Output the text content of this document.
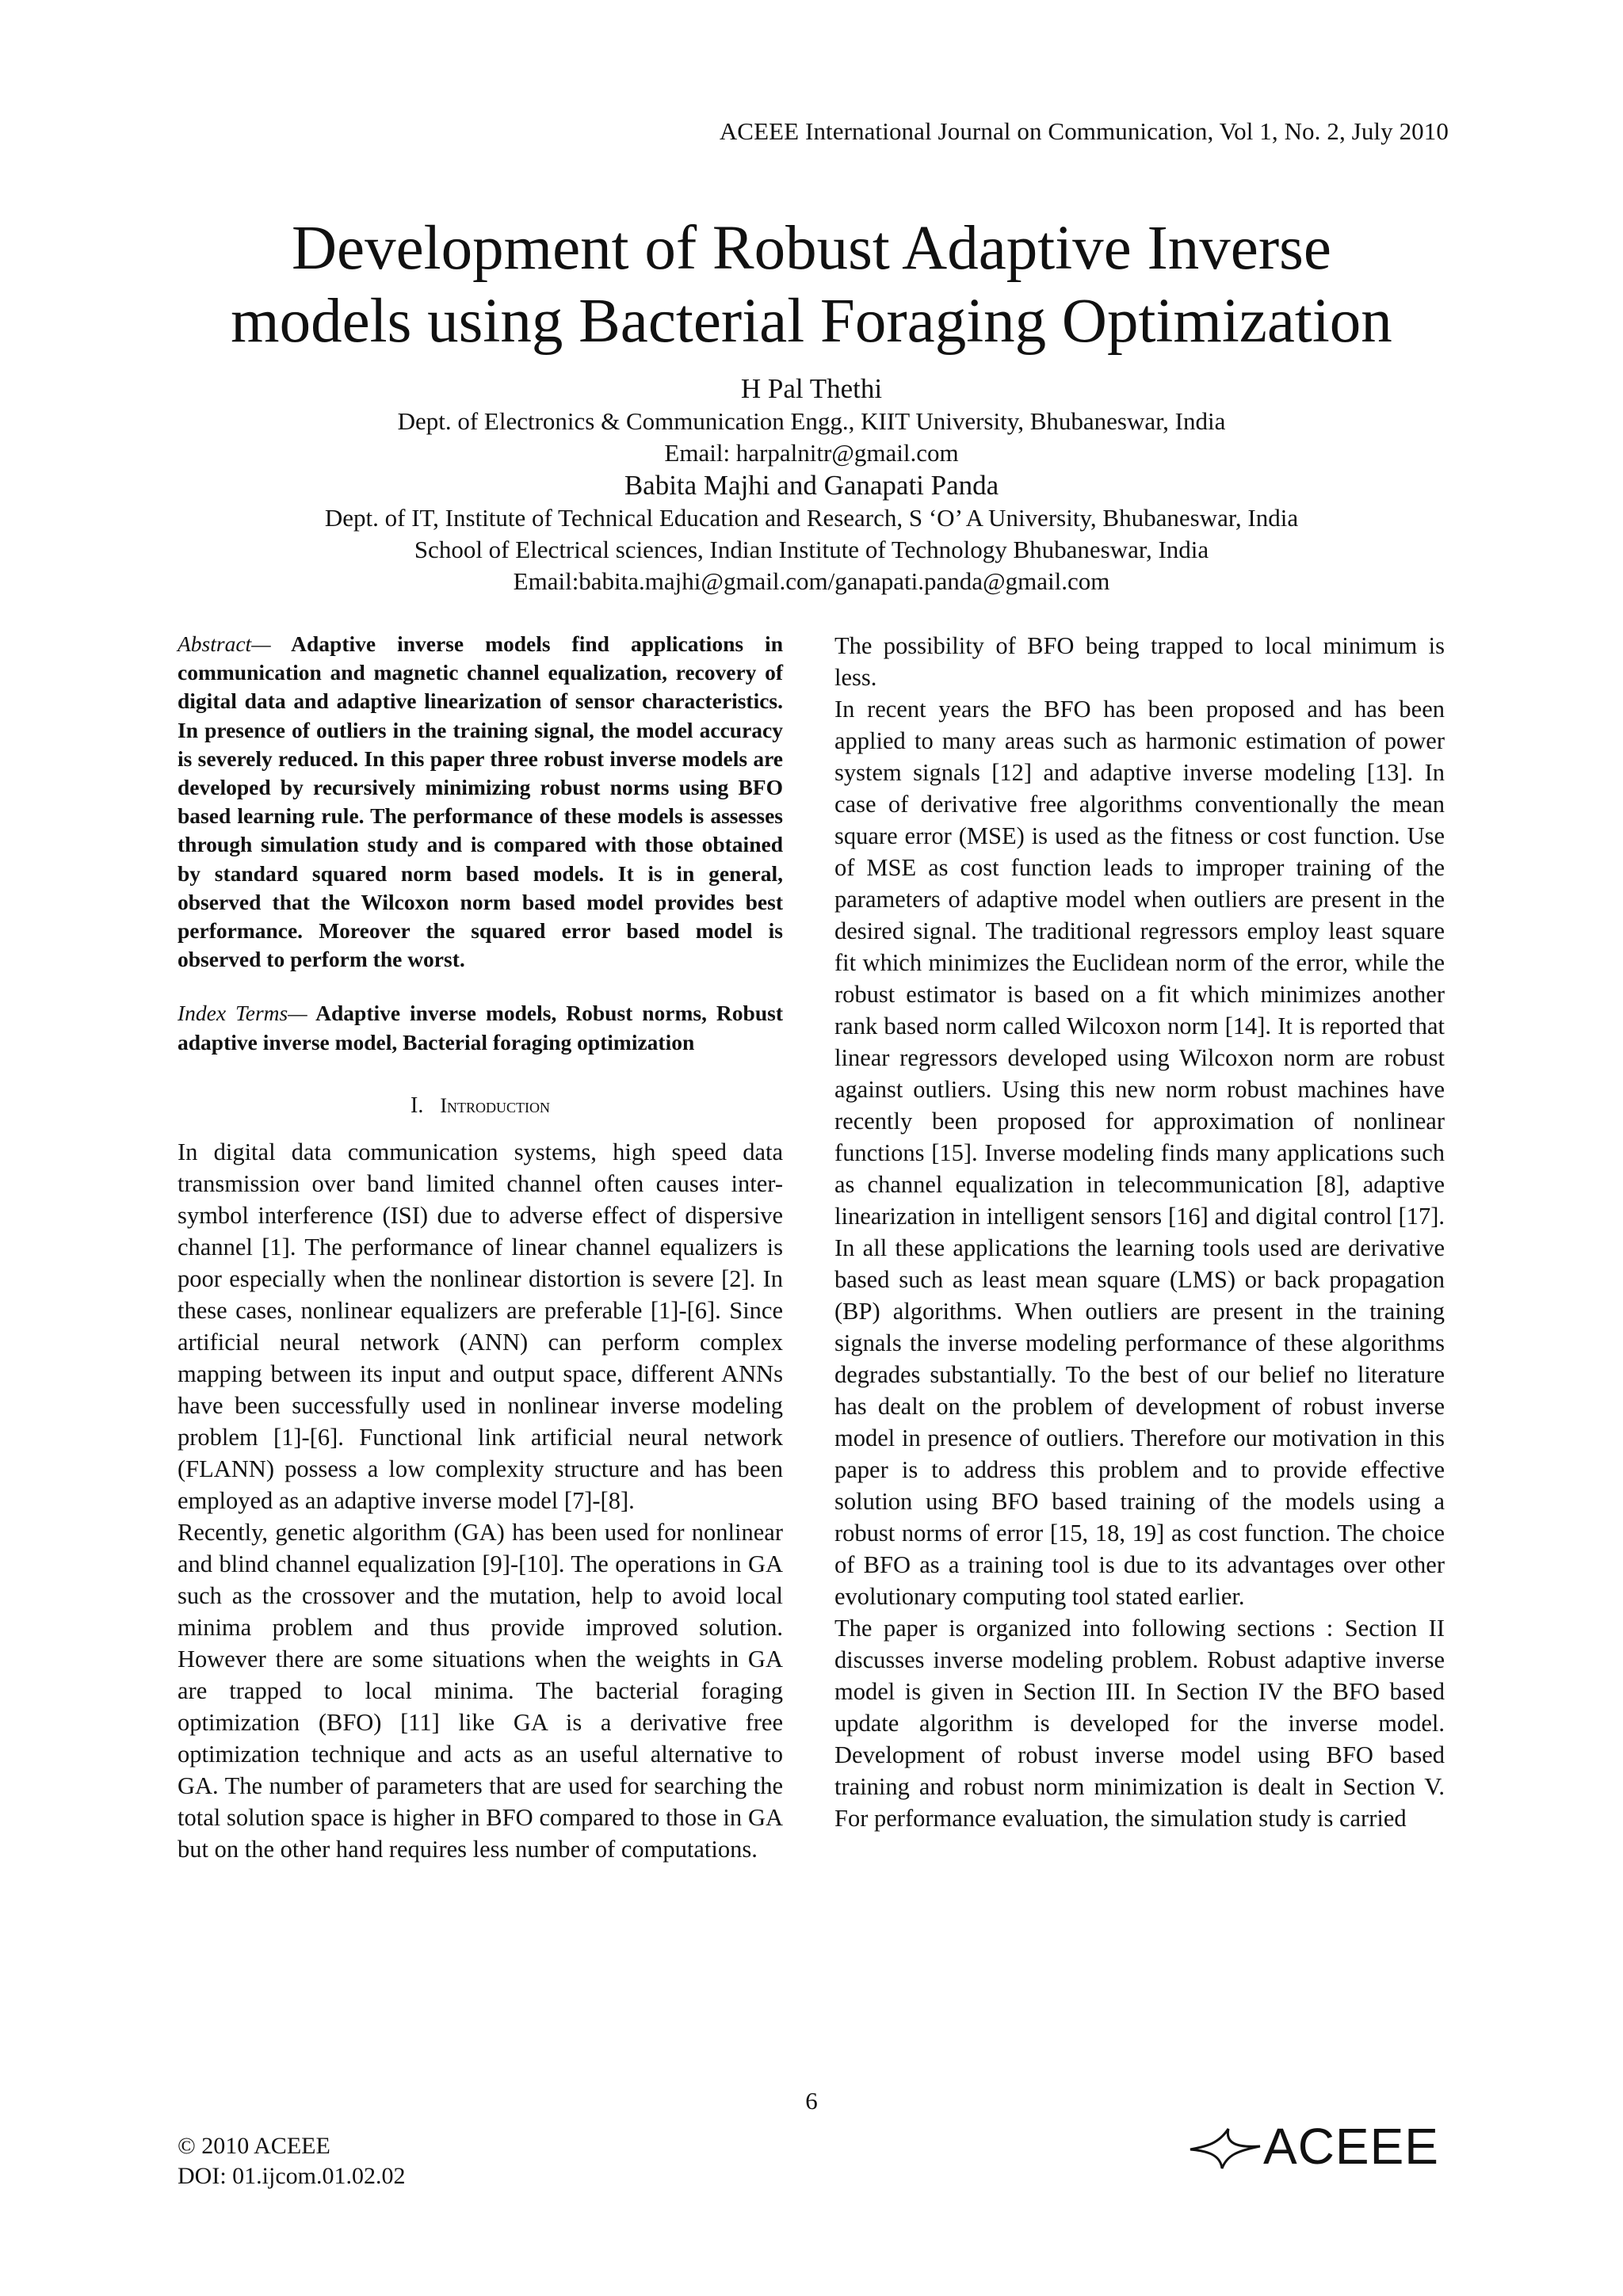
ACEEE International Journal on Communication, Vol 1, No. 2, July 2010
Development of Robust Adaptive Inverse
models using Bacterial Foraging Optimization
H Pal Thethi
Dept. of Electronics & Communication Engg., KIIT University, Bhubaneswar, India
Email: harpalnitr@gmail.com
Babita Majhi and Ganapati Panda
Dept. of IT, Institute of Technical Education and Research, S ‘O’ A University, Bhubaneswar, India
School of Electrical sciences, Indian Institute of Technology Bhubaneswar, India
Email:babita.majhi@gmail.com/ganapati.panda@gmail.com

Abstract— Adaptive inverse models find applications in communication and magnetic channel equalization, recovery of digital data and adaptive linearization of sensor characteristics. In presence of outliers in the training signal, the model accuracy is severely reduced. In this paper three robust inverse models are developed by recursively minimizing robust norms using BFO based learning rule. The performance of these models is assesses through simulation study and is compared with those obtained by standard squared norm based models. It is in general, observed that the Wilcoxon norm based model provides best performance. Moreover the squared error based model is observed to perform the worst.

Index Terms— Adaptive inverse models, Robust norms, Robust adaptive inverse model, Bacterial foraging optimization

I. Introduction

In digital data communication systems, high speed data transmission over band limited channel often causes inter-symbol interference (ISI) due to adverse effect of dispersive channel [1]. The performance of linear channel equalizers is poor especially when the nonlinear distortion is severe [2]. In these cases, nonlinear equalizers are preferable [1]-[6]. Since artificial neural network (ANN) can perform complex mapping between its input and output space, different ANNs have been successfully used in nonlinear inverse modeling problem [1]-[6]. Functional link artificial neural network (FLANN) possess a low complexity structure and has been employed as an adaptive inverse model [7]-[8].

Recently, genetic algorithm (GA) has been used for nonlinear and blind channel equalization [9]-[10]. The operations in GA such as the crossover and the mutation, help to avoid local minima problem and thus provide improved solution. However there are some situations when the weights in GA are trapped to local minima. The bacterial foraging optimization (BFO) [11] like GA is a derivative free optimization technique and acts as an useful alternative to GA. The number of parameters that are used for searching the total solution space is higher in BFO compared to those in GA but on the other hand requires less number of computations.

The possibility of BFO being trapped to local minimum is less.

In recent years the BFO has been proposed and has been applied to many areas such as harmonic estimation of power system signals [12] and adaptive inverse modeling [13]. In case of derivative free algorithms conventionally the mean square error (MSE) is used as the fitness or cost function. Use of MSE as cost function leads to improper training of the parameters of adaptive model when outliers are present in the desired signal. The traditional regressors employ least square fit which minimizes the Euclidean norm of the error, while the robust estimator is based on a fit which minimizes another rank based norm called Wilcoxon norm [14]. It is reported that linear regressors developed using Wilcoxon norm are robust against outliers. Using this new norm robust machines have recently been proposed for approximation of nonlinear functions [15]. Inverse modeling finds many applications such as channel equalization in telecommunication [8], adaptive linearization in intelligent sensors [16] and digital control [17]. In all these applications the learning tools used are derivative based such as least mean square (LMS) or back propagation (BP) algorithms. When outliers are present in the training signals the inverse modeling performance of these algorithms degrades substantially. To the best of our belief no literature has dealt on the problem of development of robust inverse model in presence of outliers. Therefore our motivation in this paper is to address this problem and to provide effective solution using BFO based training of the models using a robust norms of error [15, 18, 19] as cost function. The choice of BFO as a training tool is due to its advantages over other evolutionary computing tool stated earlier.

The paper is organized into following sections : Section II discusses inverse modeling problem. Robust adaptive inverse model is given in Section III. In Section IV the BFO based update algorithm is developed for the inverse model. Development of robust inverse model using BFO based training and robust norm minimization is dealt in Section V. For performance evaluation, the simulation study is carried

6
© 2010 ACEEE
DOI: 01.ijcom.01.02.02
ACEEE
